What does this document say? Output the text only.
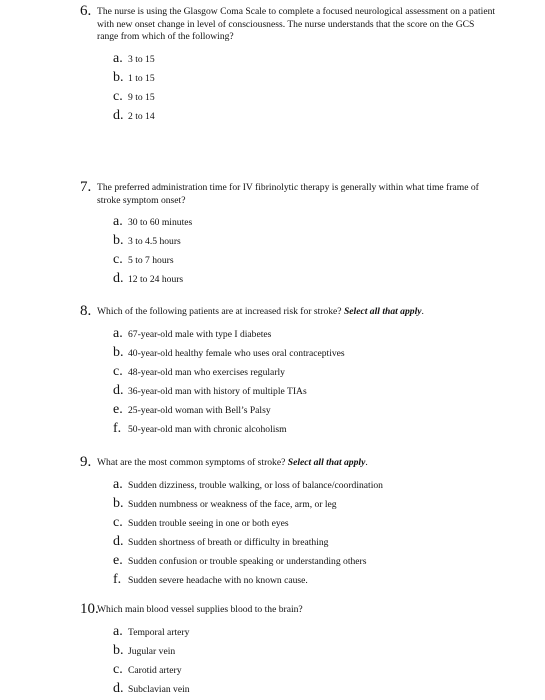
6. The nurse is using the Glasgow Coma Scale to complete a focused neurological assessment on a patient with new onset change in level of consciousness. The nurse understands that the score on the GCS range from which of the following?
a. 3 to 15
b. 1 to 15
c. 9 to 15
d. 2 to 14
7. The preferred administration time for IV fibrinolytic therapy is generally within what time frame of stroke symptom onset?
a. 30 to 60 minutes
b. 3 to 4.5 hours
c. 5 to 7 hours
d. 12 to 24 hours
8. Which of the following patients are at increased risk for stroke? Select all that apply.
a. 67-year-old male with type I diabetes
b. 40-year-old healthy female who uses oral contraceptives
c. 48-year-old man who exercises regularly
d. 36-year-old man with history of multiple TIAs
e. 25-year-old woman with Bell’s Palsy
f. 50-year-old man with chronic alcoholism
9. What are the most common symptoms of stroke? Select all that apply.
a. Sudden dizziness, trouble walking, or loss of balance/coordination
b. Sudden numbness or weakness of the face, arm, or leg
c. Sudden trouble seeing in one or both eyes
d. Sudden shortness of breath or difficulty in breathing
e. Sudden confusion or trouble speaking or understanding others
f. Sudden severe headache with no known cause.
10.
Which main blood vessel supplies blood to the brain?
a. Temporal artery
b. Jugular vein
c. Carotid artery
d. Subclavian vein
